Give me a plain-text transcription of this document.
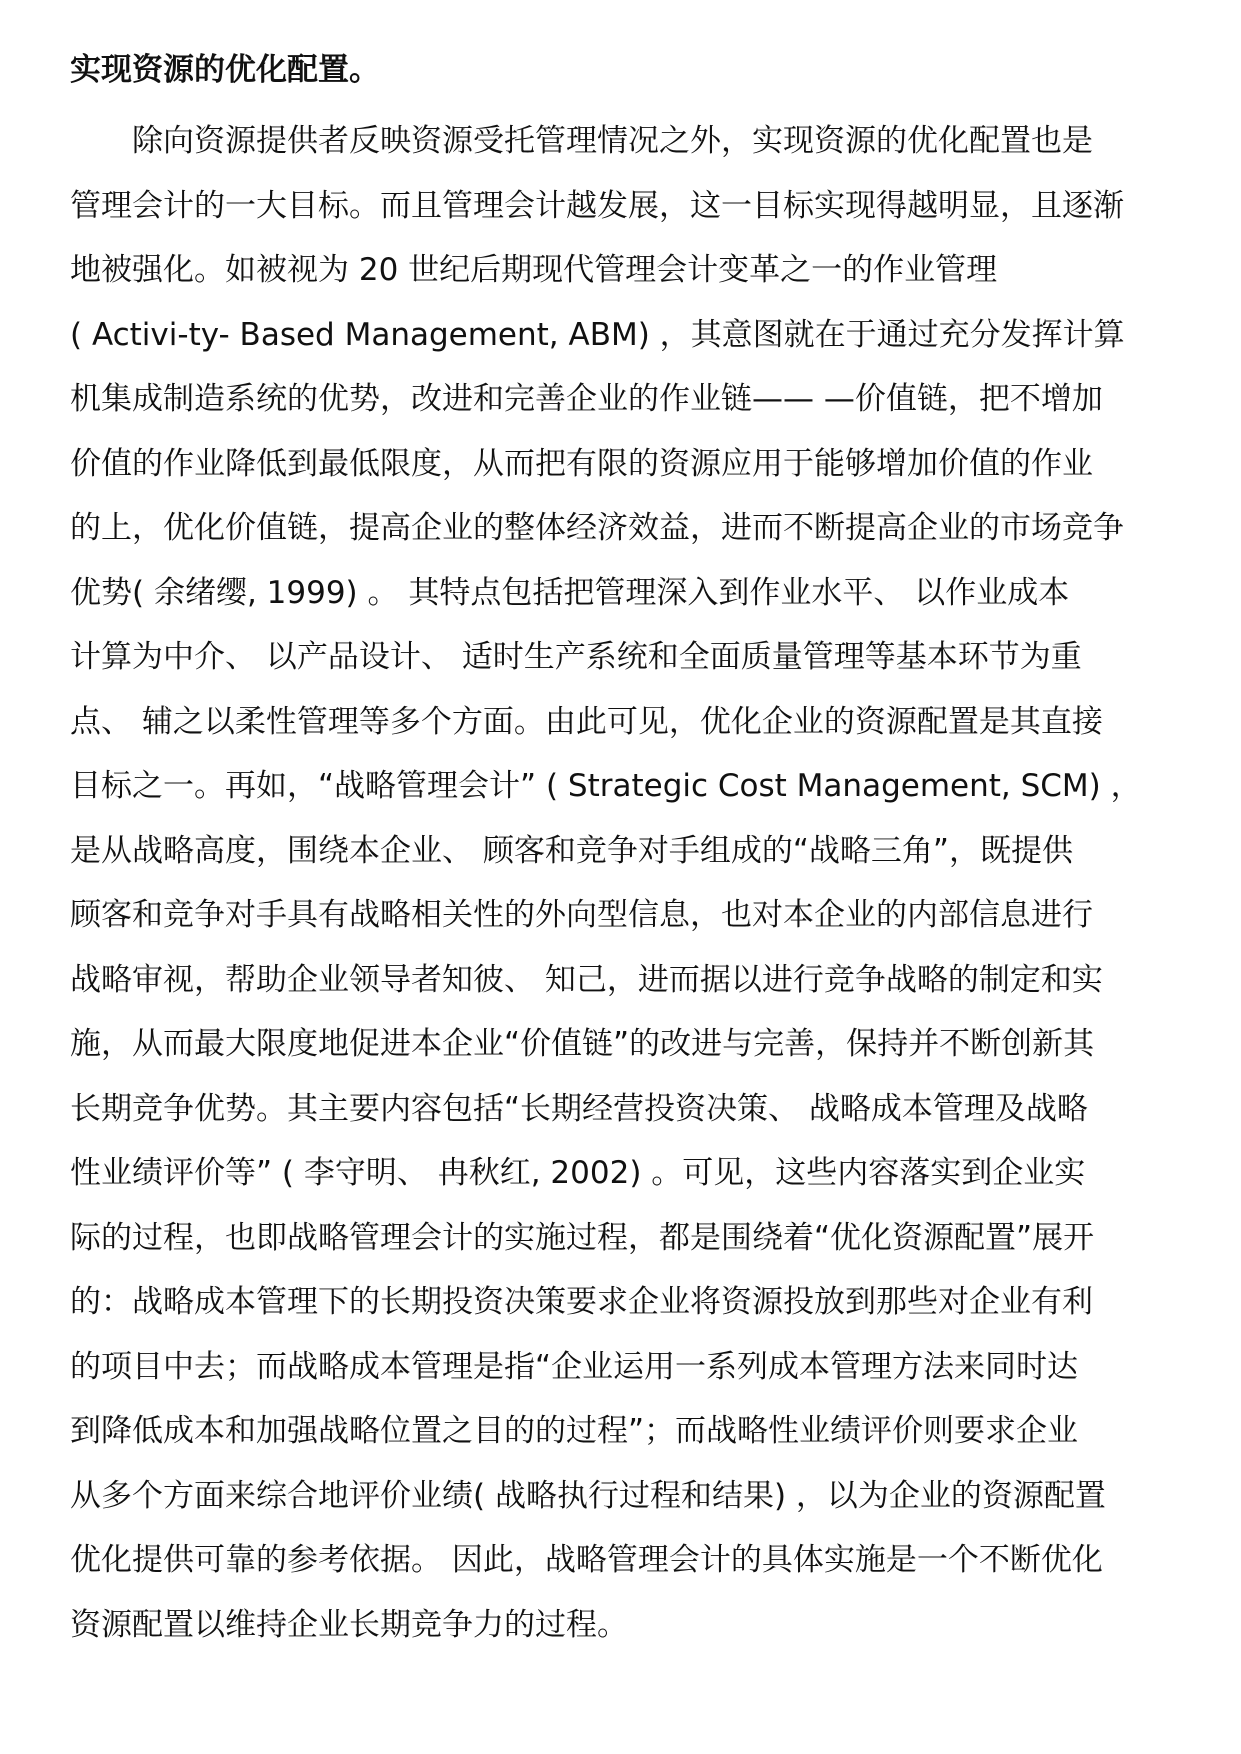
实现资源的优化配置。
除向资源提供者反映资源受托管理情况之外，实现资源的优化配置也是
管理会计的一大目标。而且管理会计越发展，这一目标实现得越明显，且逐渐
地被强化。如被视为 20 世纪后期现代管理会计变革之一的作业管理
( Activi-ty- Based Management, ABM) ，其意图就在于通过充分发挥计算
机集成制造系统的优势，改进和完善企业的作业链—— —价值链，把不增加
价值的作业降低到最低限度，从而把有限的资源应用于能够增加价值的作业
的上，优化价值链，提高企业的整体经济效益，进而不断提高企业的市场竞争
优势( 余绪缨, 1999) 。 其特点包括把管理深入到作业水平、 以作业成本
计算为中介、 以产品设计、 适时生产系统和全面质量管理等基本环节为重
点、 辅之以柔性管理等多个方面。由此可见，优化企业的资源配置是其直接
目标之一。再如，“战略管理会计” ( Strategic Cost Management, SCM) ，
是从战略高度，围绕本企业、 顾客和竞争对手组成的“战略三角”，既提供
顾客和竞争对手具有战略相关性的外向型信息，也对本企业的内部信息进行
战略审视，帮助企业领导者知彼、 知己，进而据以进行竞争战略的制定和实
施，从而最大限度地促进本企业“价值链”的改进与完善，保持并不断创新其
长期竞争优势。其主要内容包括“长期经营投资决策、 战略成本管理及战略
性业绩评价等” ( 李守明、 冉秋红, 2002) 。可见，这些内容落实到企业实
际的过程，也即战略管理会计的实施过程，都是围绕着“优化资源配置”展开
的：战略成本管理下的长期投资决策要求企业将资源投放到那些对企业有利
的项目中去；而战略成本管理是指“企业运用一系列成本管理方法来同时达
到降低成本和加强战略位置之目的的过程”；而战略性业绩评价则要求企业
从多个方面来综合地评价业绩( 战略执行过程和结果) ，以为企业的资源配置
优化提供可靠的参考依据。 因此，战略管理会计的具体实施是一个不断优化
资源配置以维持企业长期竞争力的过程。
